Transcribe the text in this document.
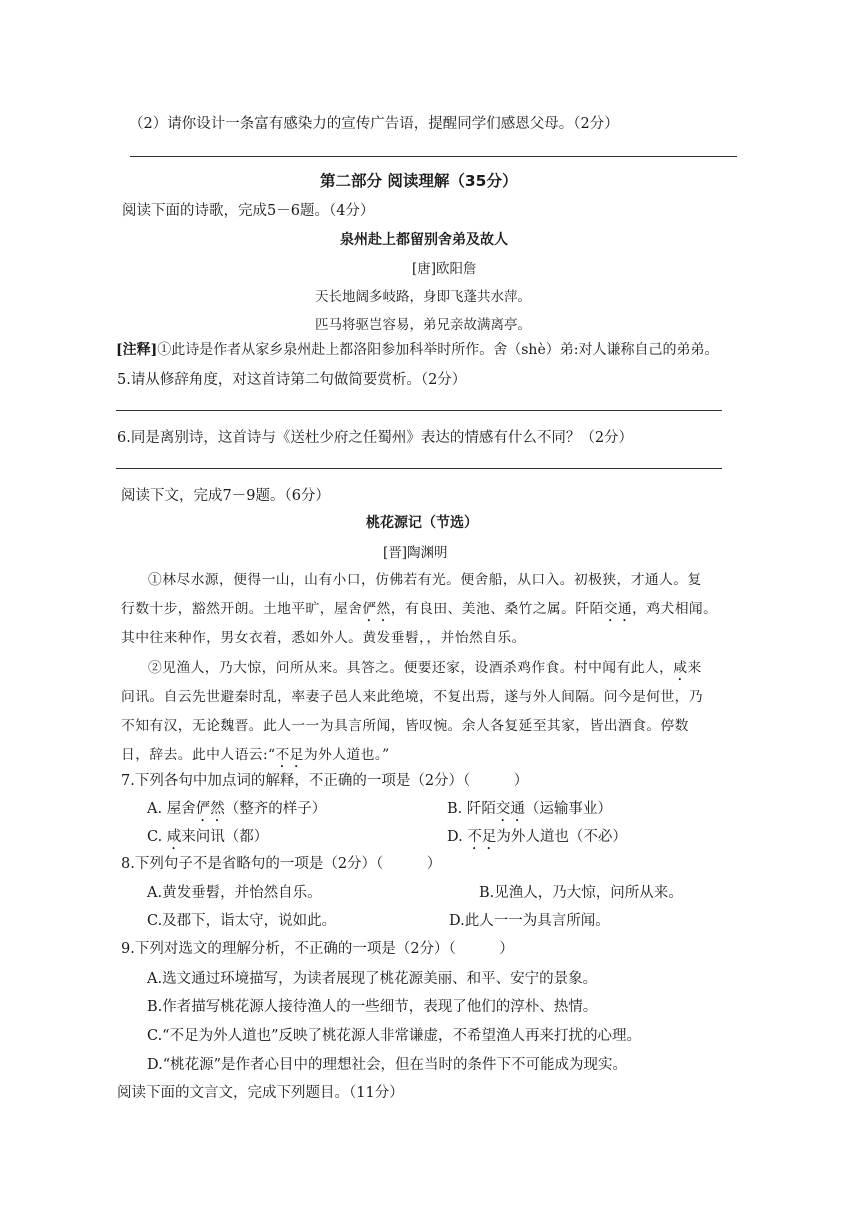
（2）请你设计一条富有感染力的宣传广告语，提醒同学们感恩父母。（2分）
第二部分 阅读理解（35分）
阅读下面的诗歌，完成5－6题。（4分）
泉州赴上都留别舍弟及故人
[唐]欧阳詹
天长地阔多岐路，身即飞蓬共水萍。
匹马将驱岂容易，弟兄亲故满离亭。
[注释]①此诗是作者从家乡泉州赴上都洛阳参加科举时所作。舍（shè）弟:对人谦称自己的弟弟。
5.请从修辞角度，对这首诗第二句做简要赏析。（2分）
6.同是离别诗，这首诗与《送杜少府之任蜀州》表达的情感有什么不同？（2分）
阅读下文，完成7－9题。（6分）
桃花源记（节选）
[晋]陶渊明
①林尽水源，便得一山，山有小口，仿佛若有光。便舍船，从口入。初极狭，才通人。复
行数十步，豁然开朗。土地平旷，屋舍俨然，有良田、美池、桑竹之属。阡陌交通，鸡犬相闻。
其中往来种作，男女衣着，悉如外人。黄发垂髫，，并怡然自乐。
②见渔人，乃大惊，问所从来。具答之。便要还家，设酒杀鸡作食。村中闻有此人，咸来
问讯。自云先世避秦时乱，率妻子邑人来此绝境，不复出焉，遂与外人间隔。问今是何世，乃
不知有汉，无论魏晋。此人一一为具言所闻，皆叹惋。余人各复延至其家，皆出酒食。停数
日，辞去。此中人语云:“不足为外人道也。”
7.下列各句中加点词的解释，不正确的一项是（2分）（　　　）
A. 屋舍俨然（整齐的样子）	B. 阡陌交通（运输事业）
C. 咸来问讯（都）	D. 不足为外人道也（不必）
8.下列句子不是省略句的一项是（2分）（　　　）
A.黄发垂髫，并怡然自乐。	B.见渔人，乃大惊，问所从来。
C.及郡下，诣太守，说如此。	D.此人一一为具言所闻。
9.下列对选文的理解分析，不正确的一项是（2分）（　　　）
A.选文通过环境描写，为读者展现了桃花源美丽、和平、安宁的景象。
B.作者描写桃花源人接待渔人的一些细节，表现了他们的淳朴、热情。
C.“不足为外人道也”反映了桃花源人非常谦虚，不希望渔人再来打扰的心理。
D.“桃花源”是作者心目中的理想社会，但在当时的条件下不可能成为现实。
阅读下面的文言文，完成下列题目。（11分）
